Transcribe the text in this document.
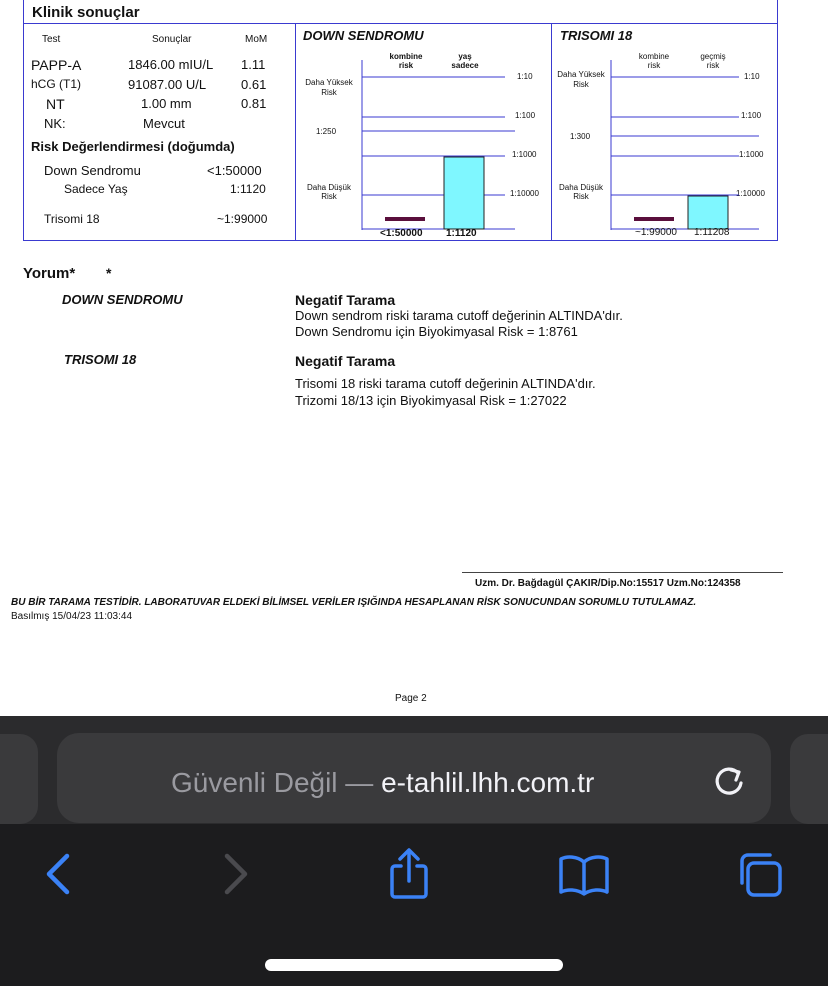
Klinik sonuçlar
Test	Sonuçlar	MoM
PAPP-A	1846.00 mIU/L 1.11
hCG (T1)	91087.00 U/L	0.61
NT	1.00 mm	0.81
NK:	Mevcut
Risk Değerlendirmesi (doğumda)
Down Sendromu	<1:50000
Sadece Yaş	1:1120
Trisomi 18	~1:99000
DOWN SENDROMU
kombine
risk
yaş
sadece
Daha Yüksek
Risk
1:250
Daha Düşük
Risk
1:10
1:100
1:1000
1:10000
<1:50000 1:1120
TRISOMI 18
kombine
risk
geçmiş
risk
Daha Yüksek
Risk
1:300
Daha Düşük
Risk
1:10
1:100
1:1000
1:10000
~1:99000 1:11208
Yorum* *
DOWN SENDROMU	Negatif Tarama
Down sendrom riski tarama cutoff değerinin ALTINDA'dır.
Down Sendromu için Biyokimyasal Risk = 1:8761
TRISOMI 18	Negatif Tarama
Trisomi 18 riski tarama cutoff değerinin ALTINDA'dır.
Trizomi 18/13 için Biyokimyasal Risk = 1:27022
Uzm. Dr. Bağdagül ÇAKIR/Dip.No:15517 Uzm.No:124358
BU BİR TARAMA TESTİDİR. LABORATUVAR ELDEKİ BİLİMSEL VERİLER IŞIĞINDA HESAPLANAN RİSK SONUCUNDAN SORUMLU TUTULAMAZ.
Basılmış 15/04/23 11:03:44
Page 2
Güvenli Değil — e-tahlil.lhh.com.tr
